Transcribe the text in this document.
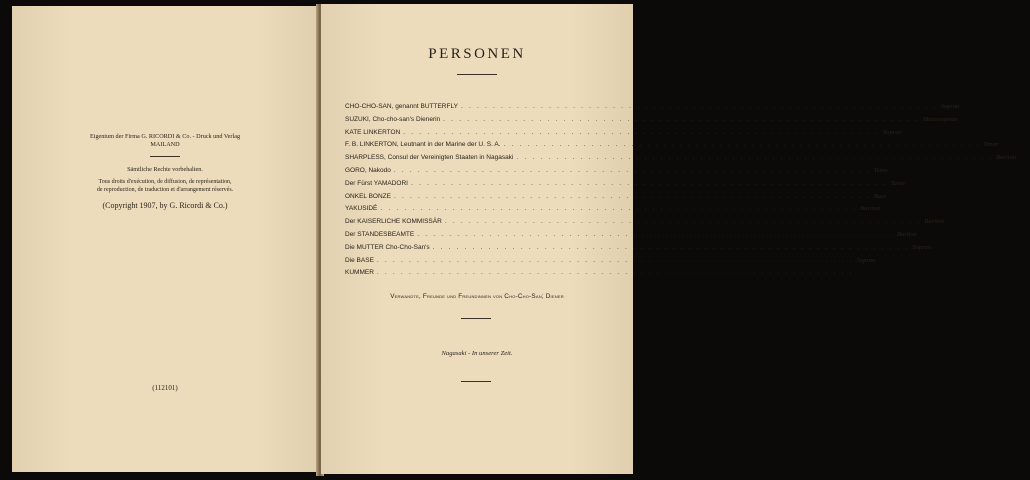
Eigentum der Firma G. RICORDI & Co. - Druck und Verlag
MAILAND
Sämtliche Rechte vorbehalten.
Tous droits d'exécution, de diffusion, de représentation,
de reproduction, de traduction et d'arrangement réservés.
(Copyright 1907, by G. Ricordi & Co.)
(112101)
PERSONEN
CHO-CHO-SAN, genannt BUTTERFLY . . . . . . . . . . . . . . . . . . . . . . . . . . . . . . . . . . . . . . . . . . . . . . . . . . . . . . . . . . . . Sopran
SUZUKI, Cho-cho-san's Dienerin . . . . . . . . . . . . . . . . . . . . . . . . . . . . . . . . . . . . . . . . . . . . . . . . . . . . . . . . . . . . Mezzosopran
KATE LINKERTON . . . . . . . . . . . . . . . . . . . . . . . . . . . . . . . . . . . . . . . . . . . . . . . . . . . . . . . . . . . . Sopran
F. B. LINKERTON, Leutnant in der Marine der U. S. A. . . . . . . . . . . . . . . . . . . . . . . . . . . . . . . . . . . . . . . . . . . . . . . . . . . . . . . . . . . . . Tenor
SHARPLESS, Consul der Vereinigten Staaten in Nagasaki . . . . . . . . . . . . . . . . . . . . . . . . . . . . . . . . . . . . . . . . . . . . . . . . . . . . . . . . . . . . Bariton
GORO, Nakodo . . . . . . . . . . . . . . . . . . . . . . . . . . . . . . . . . . . . . . . . . . . . . . . . . . . . . . . . . . . . Tenor
Der Fürst YAMADORI . . . . . . . . . . . . . . . . . . . . . . . . . . . . . . . . . . . . . . . . . . . . . . . . . . . . . . . . . . . . Tenor
ONKEL BONZE . . . . . . . . . . . . . . . . . . . . . . . . . . . . . . . . . . . . . . . . . . . . . . . . . . . . . . . . . . . . Bass
YAKUSIDÉ . . . . . . . . . . . . . . . . . . . . . . . . . . . . . . . . . . . . . . . . . . . . . . . . . . . . . . . . . . . . Bariton
Der KAISERLICHE KOMMISSÄR . . . . . . . . . . . . . . . . . . . . . . . . . . . . . . . . . . . . . . . . . . . . . . . . . . . . . . . . . . . . Bariton
Der STANDESBEAMTE . . . . . . . . . . . . . . . . . . . . . . . . . . . . . . . . . . . . . . . . . . . . . . . . . . . . . . . . . . . . Bariton
Die MUTTER Cho-Cho-San's . . . . . . . . . . . . . . . . . . . . . . . . . . . . . . . . . . . . . . . . . . . . . . . . . . . . . . . . . . . . Sopran
Die BASE . . . . . . . . . . . . . . . . . . . . . . . . . . . . . . . . . . . . . . . . . . . . . . . . . . . . . . . . . . . . Sopran
KUMMER . . . . . . . . . . . . . . . . . . . . . . . . . . . . . . . . . . . . . . . . . . . . . . . . . . . . . . . . . . . .
Verwandte, Freunde und Freundinnen von Cho-Cho-San; Diener
Nagasaki - In unserer Zeit.
